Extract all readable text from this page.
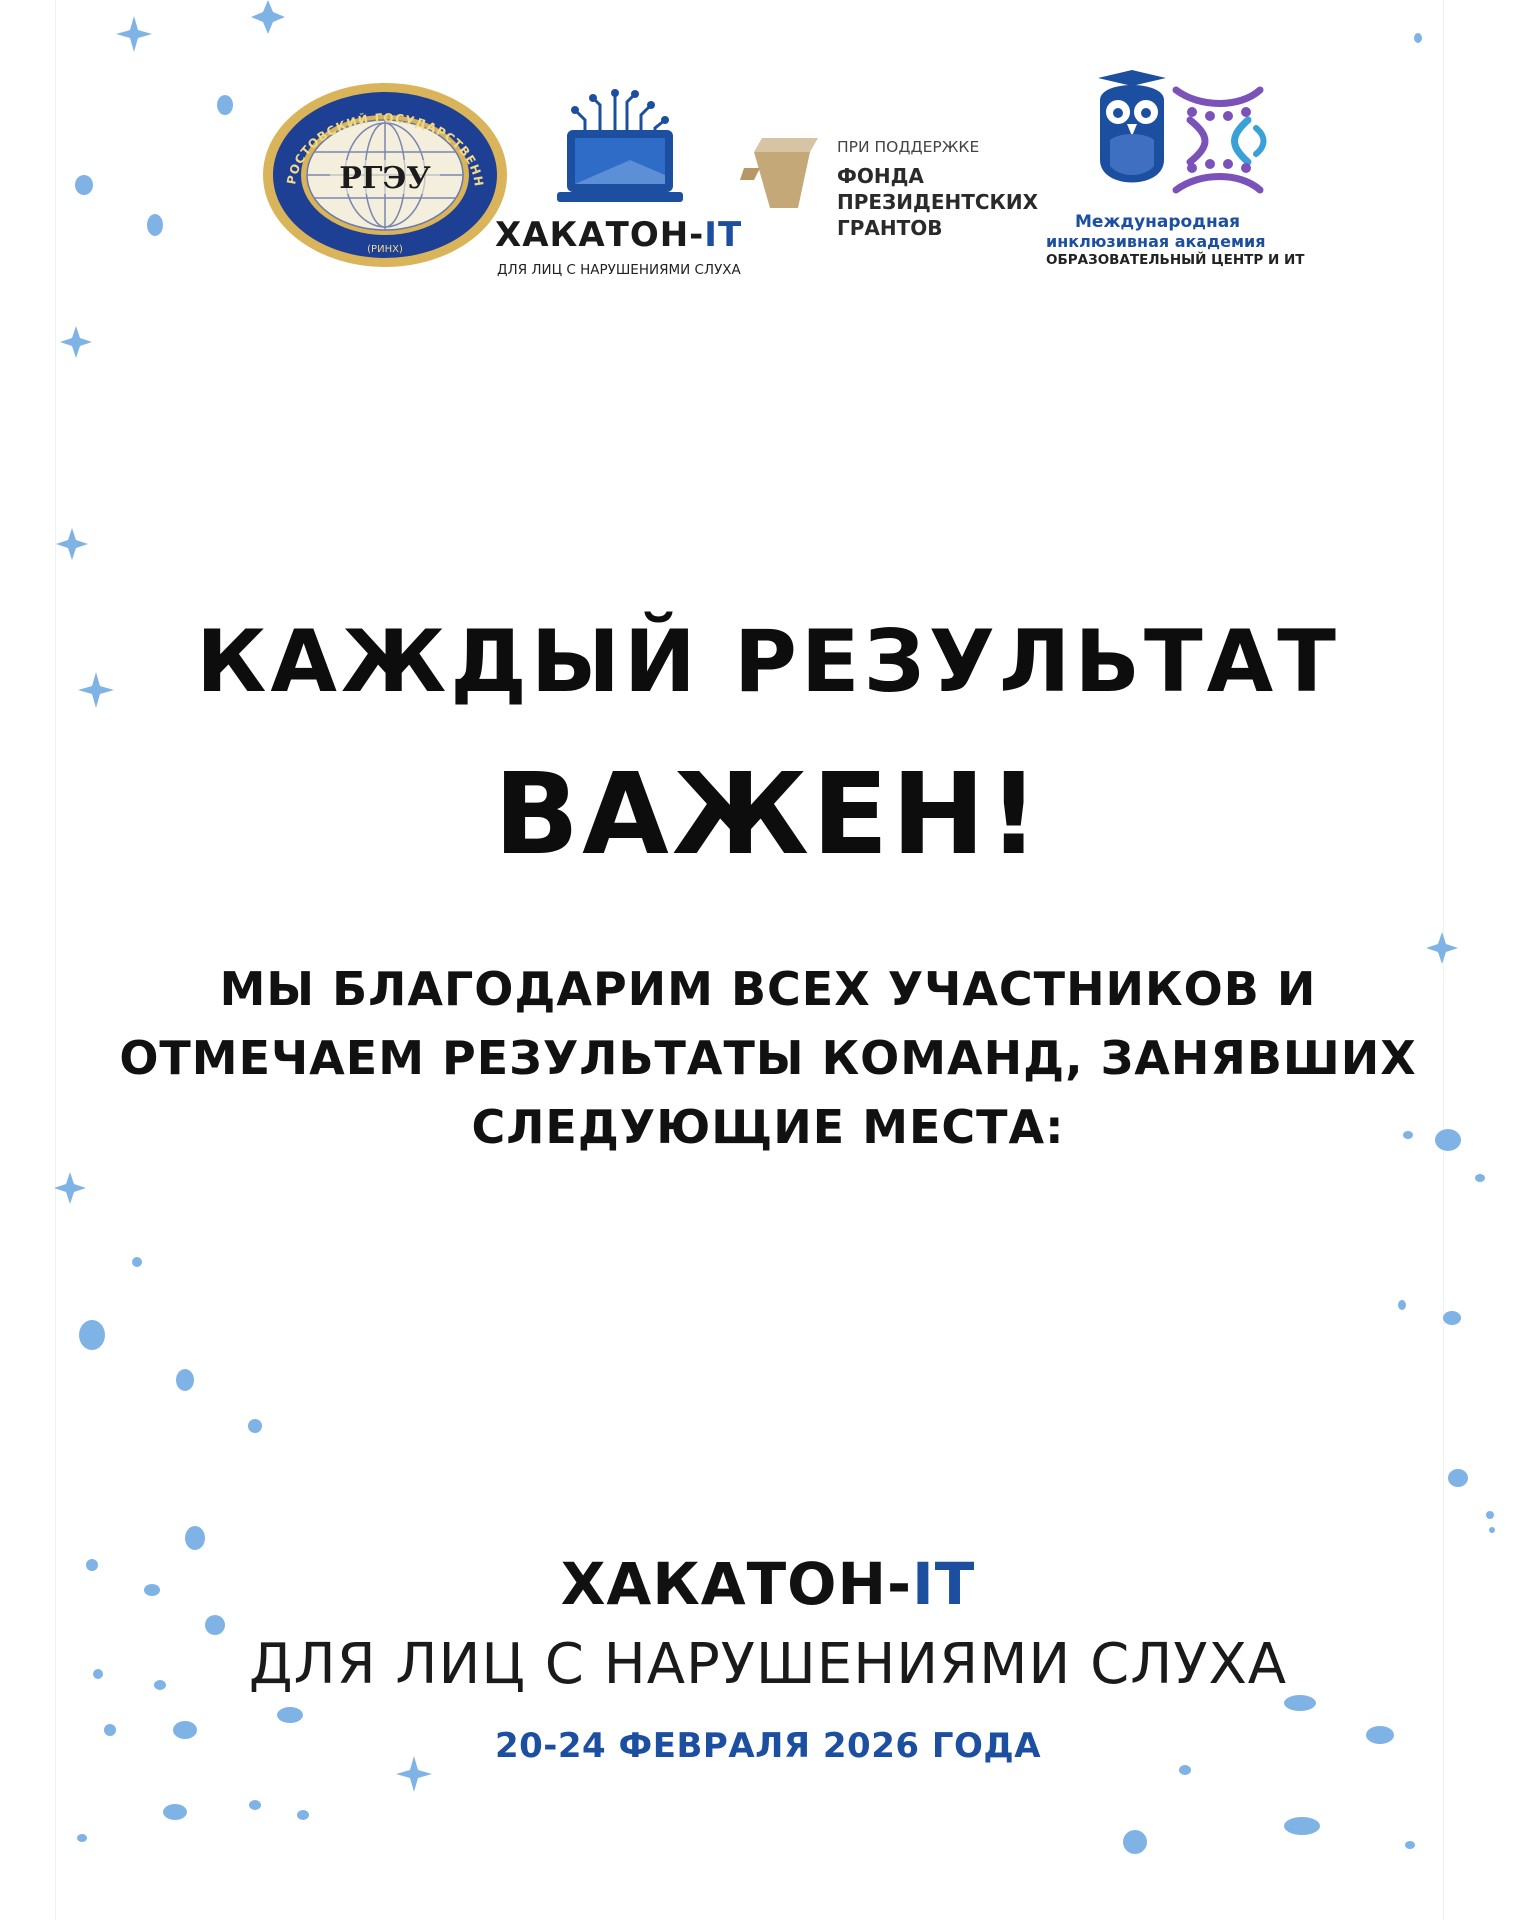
РГЭУ
РОСТОВСКИЙ ГОСУДАРСТВЕНН
(РИНХ)	ХАКАТОН-IT
ДЛЯ ЛИЦ С НАРУШЕНИЯМИ СЛУХА
ПРИ ПОДДЕРЖКЕ
ФОНДА
ПРЕЗИДЕНТСКИХ
ГРАНТОВ	Международная
инклюзивная академия
ОБРАЗОВАТЕЛЬНЫЙ ЦЕНТР И ИТ
КАЖДЫЙ РЕЗУЛЬТАТ
ВАЖЕН!
МЫ БЛАГОДАРИМ ВСЕХ УЧАСТНИКОВ И ОТМЕЧАЕМ РЕЗУЛЬТАТЫ КОМАНД, ЗАНЯВШИХ СЛЕДУЮЩИЕ МЕСТА:
ХАКАТОН-IT
ДЛЯ ЛИЦ С НАРУШЕНИЯМИ СЛУХА
20-24 ФЕВРАЛЯ 2026 ГОДА
